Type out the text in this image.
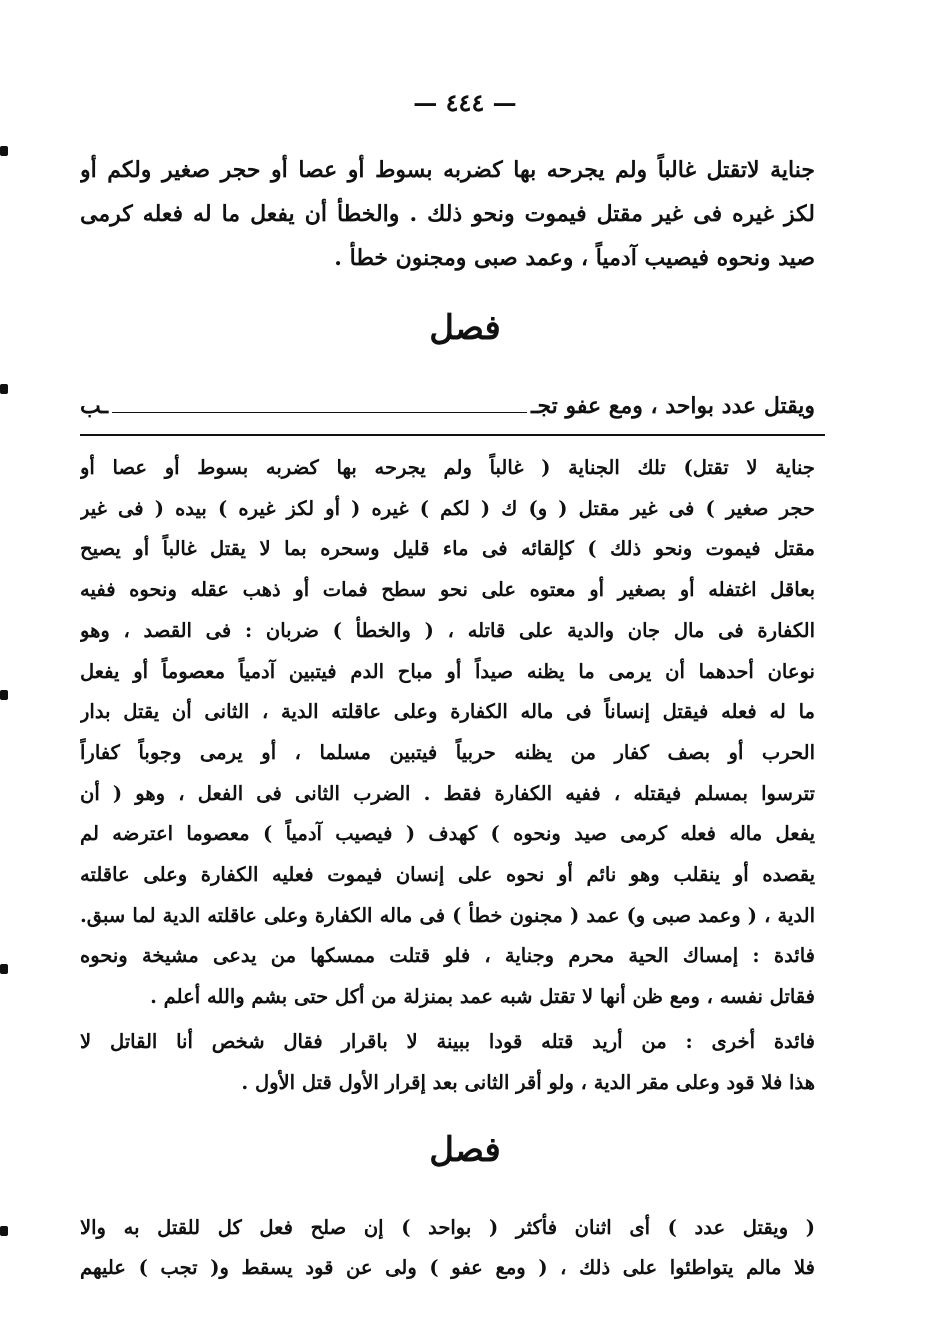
— ٤٤٤ —
جناية لاتقتل غالباً ولم يجرحه بها كضربه بسوط أو عصا أو حجر صغير ولكم أو
لكز غيره فى غير مقتل فيموت ونحو ذلك . والخطأ أن يفعل ما له فعله كرمى
صيد ونحوه فيصيب آدمياً ، وعمد صبى ومجنون خطأ .
فصل
ويقتل عدد بواحد ، ومع عفو تجـ
ـب
جناية لا تقتل) تلك الجناية ( غالباً ولم يجرحه بها كضربه بسوط أو عصا أو
حجر صغير ) فى غير مقتل ( و) ك ( لكم ) غيره ( أو لكز غيره ) بيده ( فى غير
مقتل فيموت ونحو ذلك ) كإلقائه فى ماء قليل وسحره بما لا يقتل غالباً أو يصيح
بعاقل اغتفله أو بصغير أو معتوه على نحو سطح فمات أو ذهب عقله ونحوه ففيه
الكفارة فى مال جان والدية على قاتله ، ( والخطأ ) ضربان : فى القصد ، وهو
نوعان أحدهما أن يرمى ما يظنه صيداً أو مباح الدم فيتبين آدمياً معصوماً أو يفعل
ما له فعله فيقتل إنساناً فى ماله الكفارة وعلى عاقلته الدية ، الثانى أن يقتل بدار
الحرب أو بصف كفار من يظنه حربياً فيتبين مسلما ، أو يرمى وجوباً كفاراً
تترسوا بمسلم فيقتله ، ففيه الكفارة فقط . الضرب الثانى فى الفعل ، وهو ( أن
يفعل ماله فعله كرمى صيد ونحوه ) كهدف ( فيصيب آدمياً ) معصوما اعترضه لم
يقصده أو ينقلب وهو نائم أو نحوه على إنسان فيموت فعليه الكفارة وعلى عاقلته
الدية ، ( وعمد صبى و) عمد ( مجنون خطأ ) فى ماله الكفارة وعلى عاقلته الدية لما سبق.
فائدة : إمساك الحية محرم وجناية ، فلو قتلت ممسكها من يدعى مشيخة ونحوه
فقاتل نفسه ، ومع ظن أنها لا تقتل شبه عمد بمنزلة من أكل حتى بشم والله أعلم .
فائدة أخرى : من أريد قتله قودا ببينة لا باقرار فقال شخص أنا القاتل لا
هذا فلا قود وعلى مقر الدية ، ولو أقر الثانى بعد إقرار الأول قتل الأول .
فصل
( ويقتل عدد ) أى اثنان فأكثر ( بواحد ) إن صلح فعل كل للقتل به والا
فلا مالم يتواطئوا على ذلك ، ( ومع عفو ) ولى عن قود يسقط و( تجب ) عليهم
